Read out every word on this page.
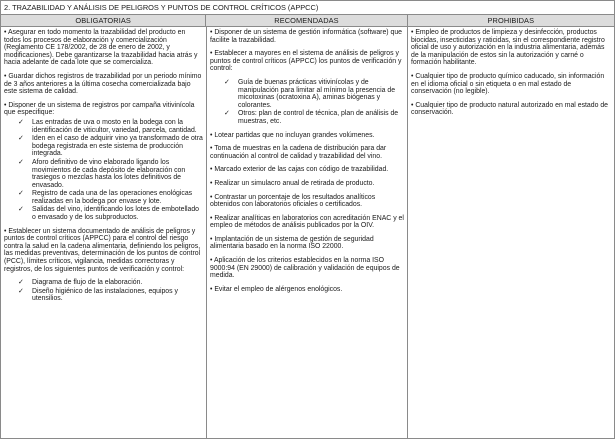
2. TRAZABILIDAD Y ANÁLISIS DE PELIGROS Y PUNTOS DE CONTROL CRÍTICOS (APPCC)
OBLIGATORIAS	RECOMENDADAS	PROHIBIDAS

• Asegurar en todo momento la trazabilidad del producto en todos los procesos de elaboración y comercialización (Reglamento CE 178/2002, de 28 de enero de 2002, y modificaciones). Debe garantizarse la trazabilidad hacia atrás y hacia adelante de cada lote que se comercializa.

• Guardar dichos registros de trazabilidad por un periodo mínimo de 3 años anteriores a la última cosecha comercializada bajo este sistema de calidad.

• Disponer de un sistema de registros por campaña vitivinícola que especifique:

✓ Las entradas de uva o mosto en la bodega con la identificación de viticultor, variedad, parcela, cantidad.
✓ Iden en el caso de adquirir vino ya transformado de otra bodega registrada en este sistema de producción integrada.
✓ Aforo definitivo de vino elaborado ligando los movimientos de cada depósito de elaboración con trasiegos o mezclas hasta los lotes definitivos de envasado.
✓ Registro de cada una de las operaciones enológicas realizadas en la bodega por envase y lote.
✓ Salidas del vino, identificando los lotes de embotellado o envasado y de los subproductos.

• Establecer un sistema documentado de análisis de peligros y puntos de control críticos (APPCC) para el control del riesgo contra la salud en la cadena alimentaria, definiendo los peligros, las medidas preventivas, determinación de los puntos de control (PCC), límites críticos, vigilancia, medidas correctoras y registros, de los siguientes puntos de verificación y control:

✓ Diagrama de flujo de la elaboración.
✓ Diseño higiénico de las instalaciones, equipos y utensilios.

• Disponer de un sistema de gestión informática (software) que facilite la trazabilidad.

• Establecer a mayores en el sistema de análisis de peligros y puntos de control críticos (APPCC) los puntos de verificación y control:

✓ Guía de buenas prácticas vitivinícolas y de manipulación para limitar al mínimo la presencia de micotoxinas (ocratoxina A), aminas biógenas y colorantes.
✓ Otros: plan de control de técnica, plan de análisis de muestras, etc.

• Lotear partidas que no incluyan grandes volúmenes.

• Toma de muestras en la cadena de distribución para dar continuación al control de calidad y trazabilidad del vino.

• Marcado exterior de las cajas con código de trazabilidad.

• Realizar un simulacro anual de retirada de producto.

• Contrastar un porcentaje de los resultados analíticos obtenidos con laboratorios oficiales o certificados.

• Realizar analíticas en laboratorios con acreditación ENAC y el empleo de métodos de análisis publicados por la OIV.

• Implantación de un sistema de gestión de seguridad alimentaria basado en la norma ISO 22000.

• Aplicación de los criterios establecidos en la norma ISO 9000:94 (EN 29000) de calibración y validación de equipos de medida.

• Evitar el empleo de alérgenos enológicos.

• Empleo de productos de limpieza y desinfección, productos biocidas, insecticidas y raticidas, sin el correspondiente registro oficial de uso y autorización en la industria alimentaria, además de la manipulación de estos sin la autorización y carné o formación habilitante.

• Cualquier tipo de producto químico caducado, sin información en el idioma oficial o sin etiqueta o en mal estado de conservación (no legible).

• Cualquier tipo de producto natural autorizado en mal estado de conservación.
